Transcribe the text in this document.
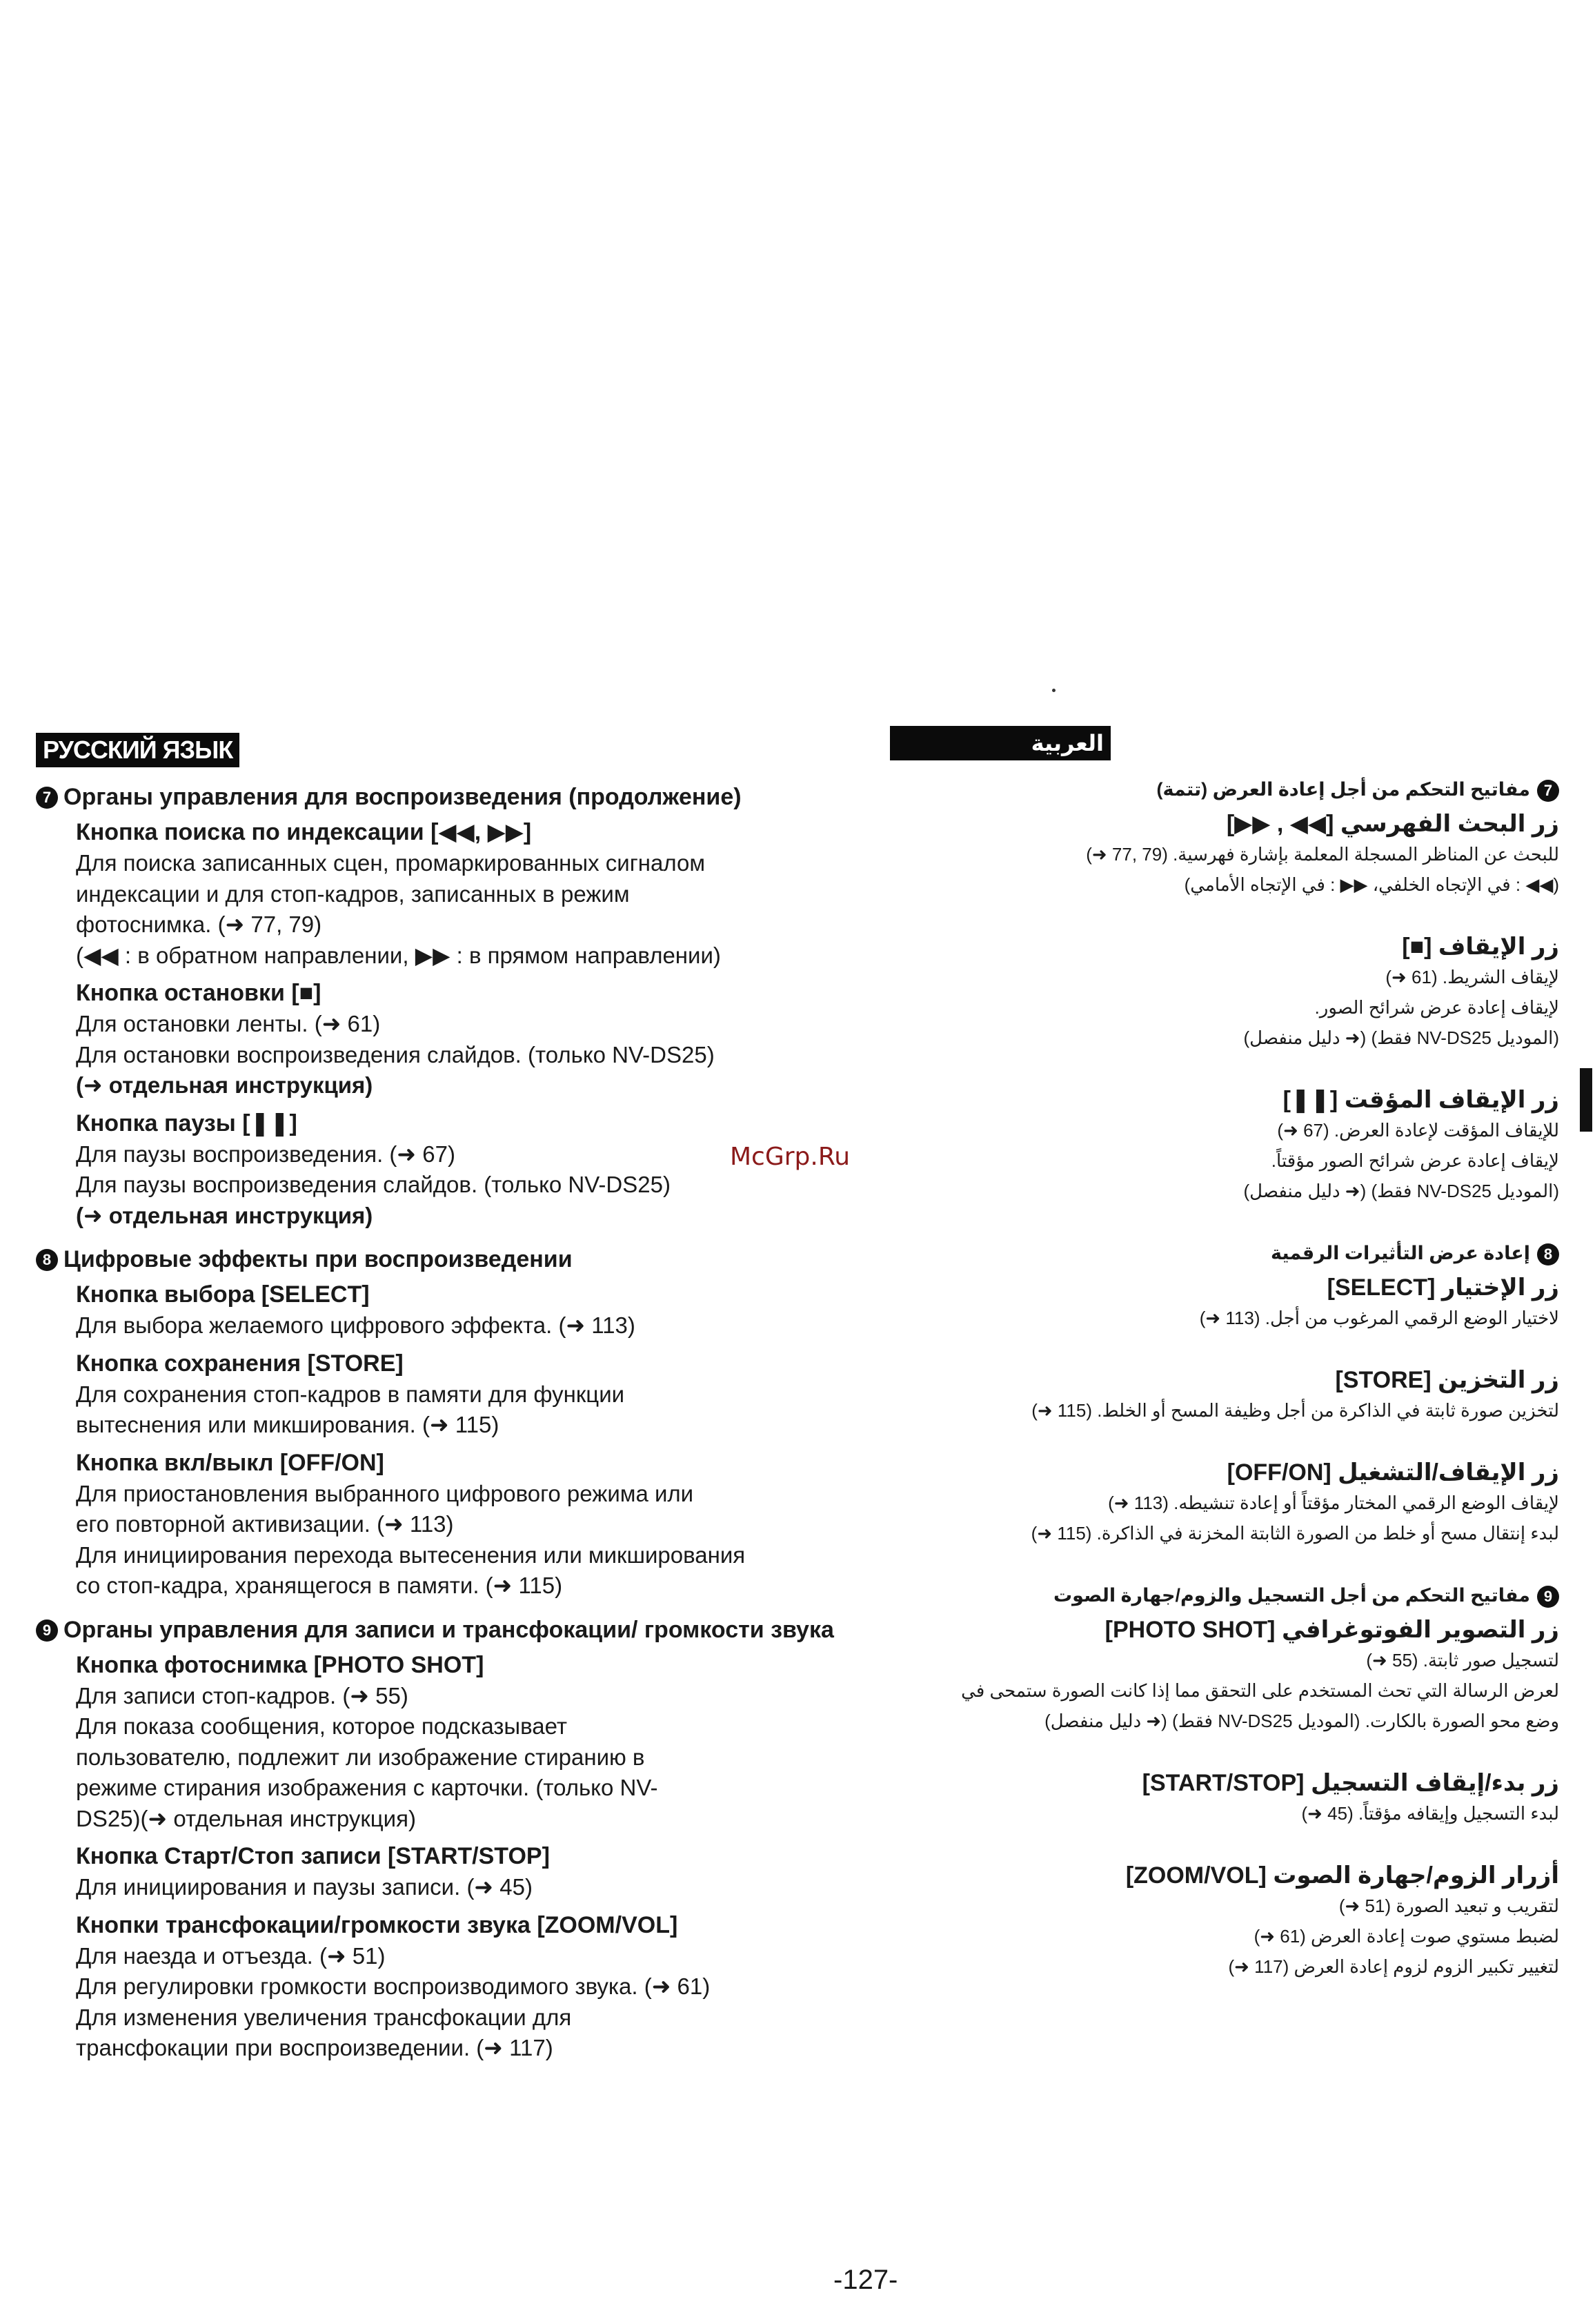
РУССКИЙ ЯЗЫК
7 Органы управления для воспроизведения (продолжение)
Кнопка поиска по индексации [◀◀, ▶▶]
Для поиска записанных сцен, промаркированных сигналом
индексации и для стоп-кадров, записанных в режим
фотоснимка. (➜ 77, 79)
(◀◀ : в обратном направлении, ▶▶ : в прямом направлении)
Кнопка остановки [■]
Для остановки ленты. (➜ 61)
Для остановки воспроизведения слайдов. (только NV-DS25)
(➜ отдельная инструкция)
Кнопка паузы [❚❚]
Для паузы воспроизведения. (➜ 67)
Для паузы воспроизведения слайдов. (только NV-DS25)
(➜ отдельная инструкция)
8 Цифровые эффекты при воспроизведении
Кнопка выбора [SELECT]
Для выбора желаемого цифрового эффекта. (➜ 113)
Кнопка сохранения [STORE]
Для сохранения стоп-кадров в памяти для функции
вытеснения или микширования. (➜ 115)
Кнопка вкл/выкл [OFF/ON]
Для приостановления выбранного цифрового режима или
его повторной активизации. (➜ 113)
Для инициирования перехода вытесенения или микширования
со стоп-кадра, хранящегося в памяти. (➜ 115)
9 Органы управления для записи и трансфокации/ громкости звука
Кнопка фотоснимка [PHOTO SHOT]
Для записи стоп-кадров. (➜ 55)
Для показа сообщения, которое подсказывает
пользователю, подлежит ли изображение стиранию в
режиме стирания изображения с карточки. (только NV-
DS25)(➜ отдельная инструкция)
Кнопка Старт/Стоп записи [START/STOP]
Для инициирования и паузы записи. (➜ 45)
Кнопки трансфокации/громкости звука [ZOOM/VOL]
Для наезда и отъезда. (➜ 51)
Для регулировки громкости воспроизводимого звука. (➜ 61)
Для изменения увеличения трансфокации для
трансфокации при воспроизведении. (➜ 117)
العربية
7
مفاتيح التحكم من أجل إعادة العرض (تتمة)
زر البحث الفهرسي [◀◀ , ▶▶]
للبحث عن المناظر المسجلة المعلمة بإشارة فهرسية. (79 ,77 ➜)
(◀◀ : في الإتجاه الخلفي، ▶▶ : في الإتجاه الأمامي)
زر الإيقاف [■]
لإيقاف الشريط. (61 ➜)
لإيقاف إعادة عرض شرائح الصور.
(الموديل NV-DS25 فقط) (➜ دليل منفصل)
زر الإيقاف المؤقت [❚❚]
للإيقاف المؤقت لإعادة العرض. (67 ➜)
لإيقاف إعادة عرض شرائح الصور مؤقتاً.
(الموديل NV-DS25 فقط) (➜ دليل منفصل)
8
إعادة عرض التأثيرات الرقمية
زر الإختيار [SELECT]
لاختيار الوضع الرقمي المرغوب من أجل. (113 ➜)
زر التخزين [STORE]
لتخزين صورة ثابتة في الذاكرة من أجل وظيفة المسح أو الخلط. (115 ➜)
زر الإيقاف/التشغيل [OFF/ON]
لإيقاف الوضع الرقمي المختار مؤقتاً أو إعادة تنشيطه. (113 ➜)
لبدء إنتقال مسح أو خلط من الصورة الثابتة المخزنة في الذاكرة. (115 ➜)
9
مفاتيح التحكم من أجل التسجيل والزوم/جهارة الصوت
زر التصوير الفوتوغرافي [PHOTO SHOT]
لتسجيل صور ثابتة. (55 ➜)
لعرض الرسالة التي تحث المستخدم على التحقق مما إذا كانت الصورة ستمحى في
وضع محو الصورة بالكارت. (الموديل NV-DS25 فقط) (➜ دليل منفصل)
زر بدء/إيقاف التسجيل [START/STOP]
لبدء التسجيل وإيقافه مؤقتاً. (45 ➜)
أزرار الزوم/جهارة الصوت [ZOOM/VOL]
لتقريب و تبعيد الصورة (51 ➜)
لضبط مستوي صوت إعادة العرض (61 ➜)
لتغيير تكبير الزوم لزوم إعادة العرض (117 ➜)
McGrp.Ru
-127-
